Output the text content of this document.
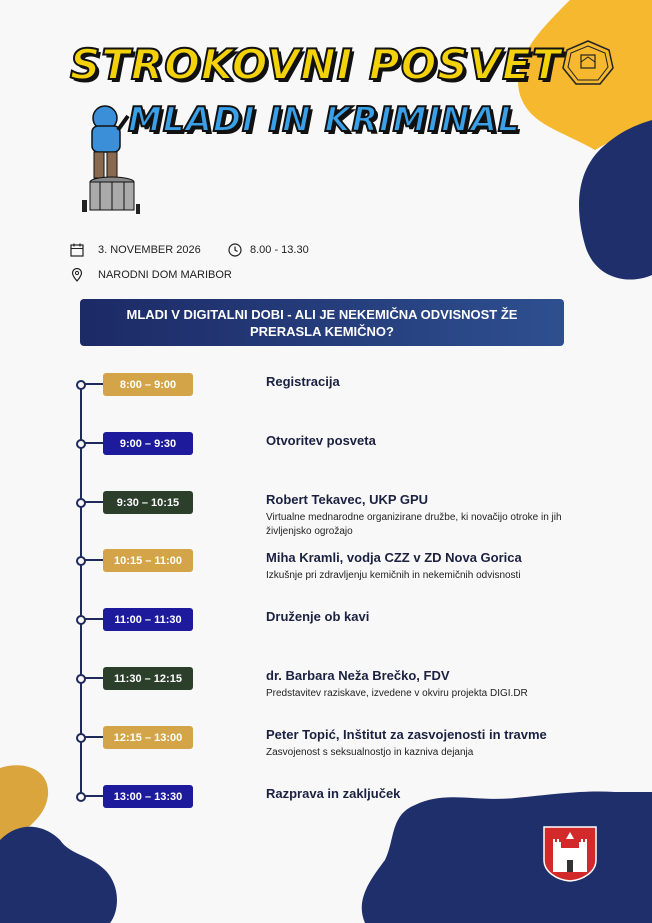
STROKOVNI POSVET
MLADI IN KRIMINAL
3. NOVEMBER 2026	8.00 - 13.30
NARODNI DOM MARIBOR
MLADI V DIGITALNI DOBI - ALI JE NEKEMIČNA ODVISNOST ŽE
PRERASLA KEMIČNO?
8:00 – 9:00	Registracija
9:00 – 9:30	Otvoritev posveta
9:30 – 10:15	Robert Tekavec, UKP GPU
Virtualne mednarodne organizirane družbe, ki novačijo otroke in jih življenjsko ogrožajo
10:15 – 11:00	Miha Kramli, vodja CZZ v ZD Nova Gorica
Izkušnje pri zdravljenju kemičnih in nekemičnih odvisnosti
11:00 – 11:30	Druženje ob kavi
11:30 – 12:15	dr. Barbara Neža Brečko, FDV
Predstavitev raziskave, izvedene v okviru projekta DIGI.DR
12:15 – 13:00	Peter Topić, Inštitut za zasvojenosti in travme
Zasvojenost s seksualnostjo in kazniva dejanja
13:00 – 13:30	Razprava in zaključek
